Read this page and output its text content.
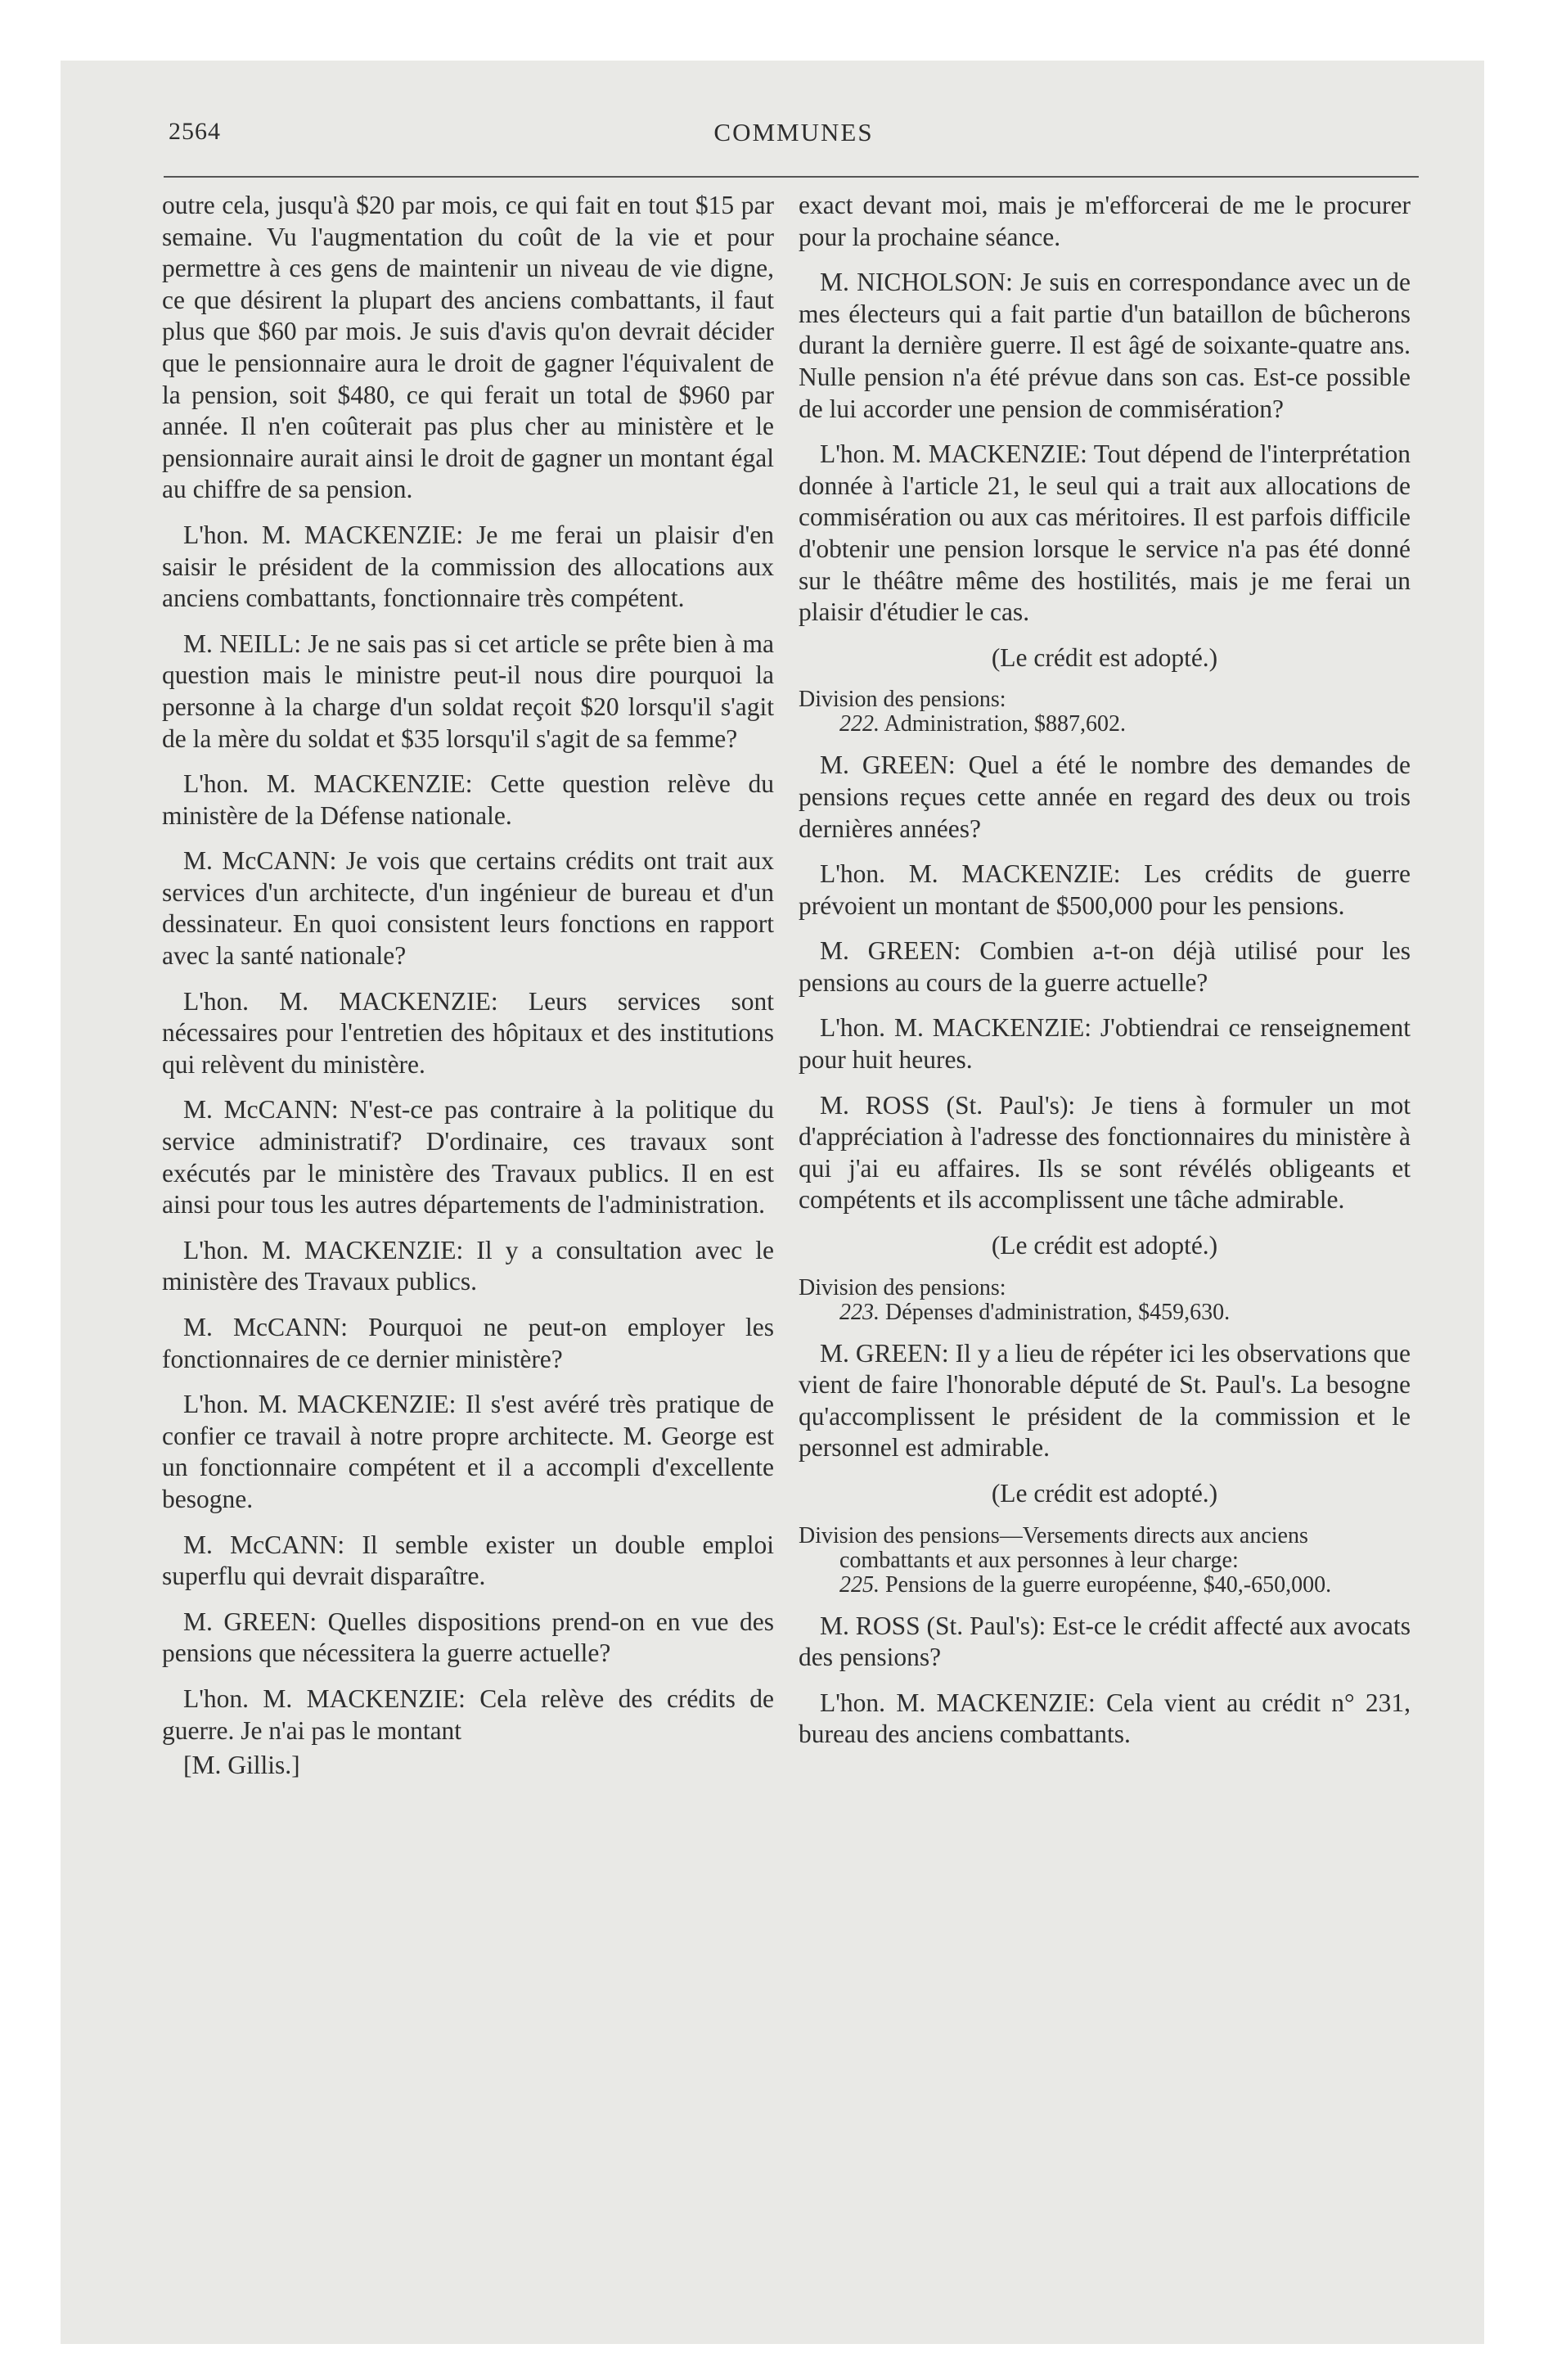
2564	COMMUNES

outre cela, jusqu'à $20 par mois, ce qui fait en tout $15 par semaine. Vu l'augmentation du coût de la vie et pour permettre à ces gens de maintenir un niveau de vie digne, ce que désirent la plupart des anciens combattants, il faut plus que $60 par mois. Je suis d'avis qu'on devrait décider que le pensionnaire aura le droit de gagner l'équivalent de la pension, soit $480, ce qui ferait un total de $960 par année. Il n'en coûterait pas plus cher au ministère et le pensionnaire aurait ainsi le droit de gagner un montant égal au chiffre de sa pension.

L'hon. M. MACKENZIE: Je me ferai un plaisir d'en saisir le président de la commission des allocations aux anciens combattants, fonctionnaire très compétent.

M. NEILL: Je ne sais pas si cet article se prête bien à ma question mais le ministre peut-il nous dire pourquoi la personne à la charge d'un soldat reçoit $20 lorsqu'il s'agit de la mère du soldat et $35 lorsqu'il s'agit de sa femme?

L'hon. M. MACKENZIE: Cette question relève du ministère de la Défense nationale.

M. McCANN: Je vois que certains crédits ont trait aux services d'un architecte, d'un ingénieur de bureau et d'un dessinateur. En quoi consistent leurs fonctions en rapport avec la santé nationale?

L'hon. M. MACKENZIE: Leurs services sont nécessaires pour l'entretien des hôpitaux et des institutions qui relèvent du ministère.

M. McCANN: N'est-ce pas contraire à la politique du service administratif? D'ordinaire, ces travaux sont exécutés par le ministère des Travaux publics. Il en est ainsi pour tous les autres départements de l'administration.

L'hon. M. MACKENZIE: Il y a consultation avec le ministère des Travaux publics.

M. McCANN: Pourquoi ne peut-on employer les fonctionnaires de ce dernier ministère?

L'hon. M. MACKENZIE: Il s'est avéré très pratique de confier ce travail à notre propre architecte. M. George est un fonctionnaire compétent et il a accompli d'excellente besogne.

M. McCANN: Il semble exister un double emploi superflu qui devrait disparaître.

M. GREEN: Quelles dispositions prend-on en vue des pensions que nécessitera la guerre actuelle?

L'hon. M. MACKENZIE: Cela relève des crédits de guerre. Je n'ai pas le montant

[M. Gillis.]

exact devant moi, mais je m'efforcerai de me le procurer pour la prochaine séance.

M. NICHOLSON: Je suis en correspondance avec un de mes électeurs qui a fait partie d'un bataillon de bûcherons durant la dernière guerre. Il est âgé de soixante-quatre ans. Nulle pension n'a été prévue dans son cas. Est-ce possible de lui accorder une pension de commisération?

L'hon. M. MACKENZIE: Tout dépend de l'interprétation donnée à l'article 21, le seul qui a trait aux allocations de commisération ou aux cas méritoires. Il est parfois difficile d'obtenir une pension lorsque le service n'a pas été donné sur le théâtre même des hostilités, mais je me ferai un plaisir d'étudier le cas.

(Le crédit est adopté.)

Division des pensions:
222. Administration, $887,602.

M. GREEN: Quel a été le nombre des demandes de pensions reçues cette année en regard des deux ou trois dernières années?

L'hon. M. MACKENZIE: Les crédits de guerre prévoient un montant de $500,000 pour les pensions.

M. GREEN: Combien a-t-on déjà utilisé pour les pensions au cours de la guerre actuelle?

L'hon. M. MACKENZIE: J'obtiendrai ce renseignement pour huit heures.

M. ROSS (St. Paul's): Je tiens à formuler un mot d'appréciation à l'adresse des fonctionnaires du ministère à qui j'ai eu affaires. Ils se sont révélés obligeants et compétents et ils accomplissent une tâche admirable.

(Le crédit est adopté.)

Division des pensions:
223. Dépenses d'administration, $459,630.

M. GREEN: Il y a lieu de répéter ici les observations que vient de faire l'honorable député de St. Paul's. La besogne qu'accomplissent le président de la commission et le personnel est admirable.

(Le crédit est adopté.)

Division des pensions—Versements directs aux anciens combattants et aux personnes à leur charge:
225. Pensions de la guerre européenne, $40,-650,000.

M. ROSS (St. Paul's): Est-ce le crédit affecté aux avocats des pensions?

L'hon. M. MACKENZIE: Cela vient au crédit n° 231, bureau des anciens combattants.
